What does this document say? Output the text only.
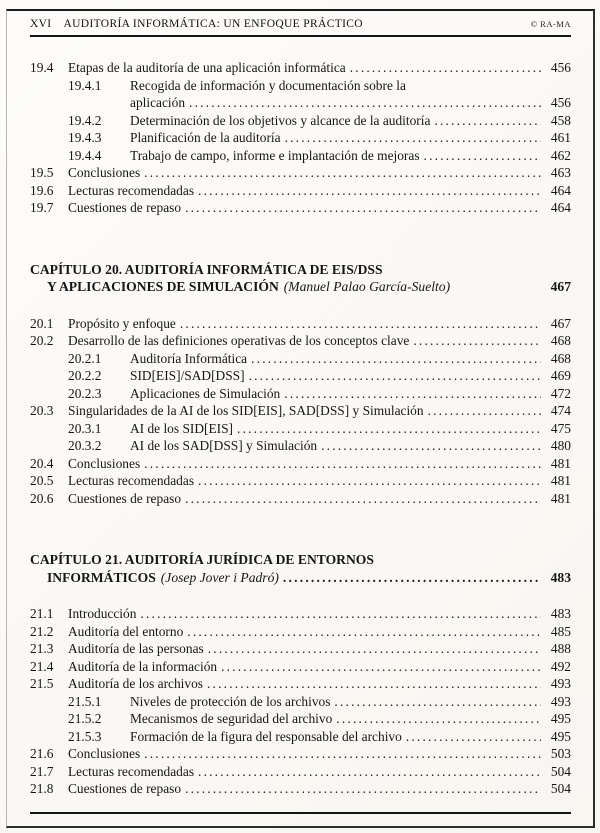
XVI AUDITORÍA INFORMÁTICA: UN ENFOQUE PRÁCTICO	© RA-MA
19.4	Etapas de la auditoría de una aplicación informática .....	456
19.4.1	Recogida de información y documentación sobre la
aplicación .....	456
19.4.2	Determinación de los objetivos y alcance de la auditoría .....	458
19.4.3	Planificación de la auditoría .....	461
19.4.4	Trabajo de campo, informe e implantación de mejoras .....	462
19.5	Conclusiones .....	463
19.6	Lecturas recomendadas .....	464
19.7	Cuestiones de repaso .....	464
CAPÍTULO 20. AUDITORÍA INFORMÁTICA DE EIS/DSS
Y APLICACIONES DE SIMULACIÓN (Manuel Palao García-Suelto)	467
20.1	Propósito y enfoque .....	467
20.2	Desarrollo de las definiciones operativas de los conceptos clave .....	468
20.2.1	Auditoría Informática .....	468
20.2.2	SID[EIS]/SAD[DSS] .....	469
20.2.3	Aplicaciones de Simulación .....	472
20.3	Singularidades de la AI de los SID[EIS], SAD[DSS] y Simulación .....	474
20.3.1	AI de los SID[EIS] .....	475
20.3.2	AI de los SAD[DSS] y Simulación .....	480
20.4	Conclusiones .....	481
20.5	Lecturas recomendadas .....	481
20.6	Cuestiones de repaso .....	481
CAPÍTULO 21. AUDITORÍA JURÍDICA DE ENTORNOS
INFORMÁTICOS (Josep Jover i Padró) .....	483
21.1	Introducción .....	483
21.2	Auditoría del entorno .....	485
21.3	Auditoría de las personas .....	488
21.4	Auditoría de la información .....	492
21.5	Auditoría de los archivos .....	493
21.5.1	Niveles de protección de los archivos .....	493
21.5.2	Mecanismos de seguridad del archivo .....	495
21.5.3	Formación de la figura del responsable del archivo .....	495
21.6	Conclusiones .....	503
21.7	Lecturas recomendadas .....	504
21.8	Cuestiones de repaso .....	504
